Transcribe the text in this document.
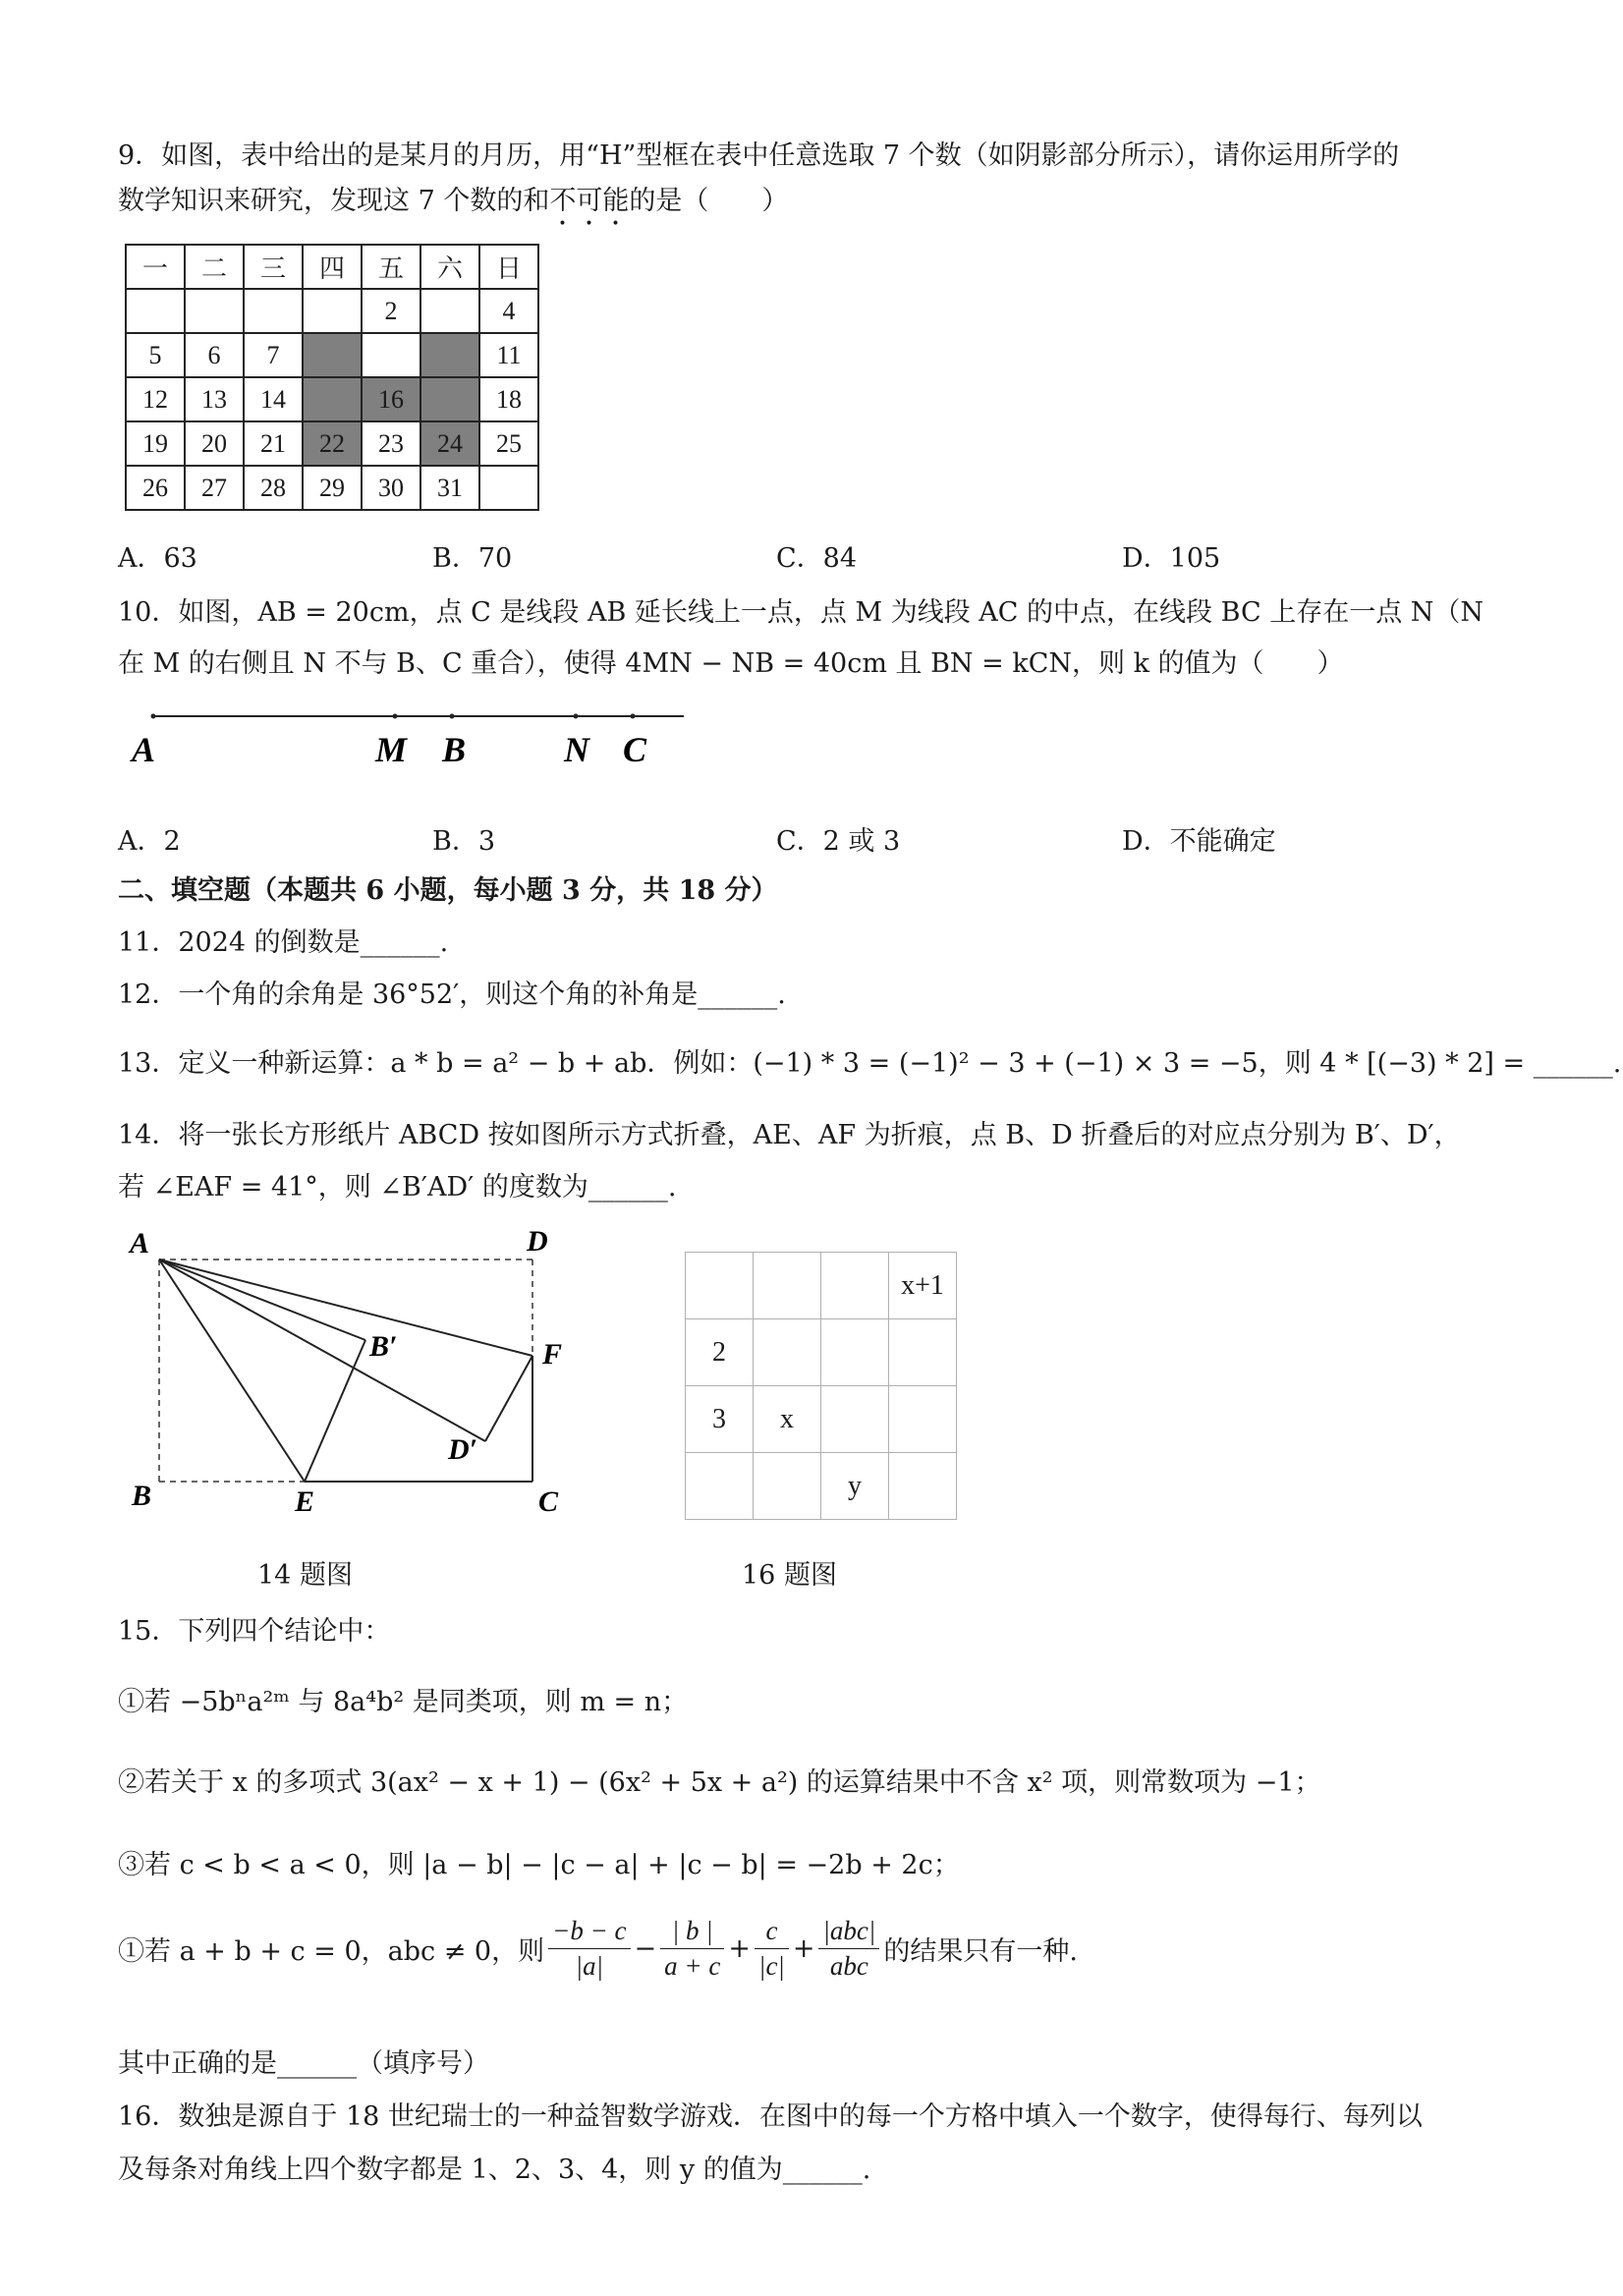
9．如图，表中给出的是某月的月历，用“H”型框在表中任意选取 7 个数（如阴影部分所示），请你运用所学的
数学知识来研究，发现这 7 个数的和不可能的是（　　）
一	二	三	四	五	六	日
				2		4
5	6	7				11
12	13	14		16		18
19	20	21	22	23	24	25
26	27	28	29	30	31	
A．63	B．70	C．84	D．105
10．如图，AB = 20cm，点 C 是线段 AB 延长线上一点，点 M 为线段 AC 的中点，在线段 BC 上存在一点 N（N
在 M 的右侧且 N 不与 B、C 重合），使得 4MN − NB = 40cm 且 BN = kCN，则 k 的值为（　　）
A	M B	N C
A．2	B．3	C．2 或 3	D．不能确定
二、填空题（本题共 6 小题，每小题 3 分，共 18 分）
11．2024 的倒数是______.
12．一个角的余角是 36°52′，则这个角的补角是______.
13．定义一种新运算：a * b = a² − b + ab．例如：(−1) * 3 = (−1)² − 3 + (−1) × 3 = −5，则 4 * [(−3) * 2] = ______.
14．将一张长方形纸片 ABCD 按如图所示方式折叠，AE、AF 为折痕，点 B、D 折叠后的对应点分别为 B′、D′，
若 ∠EAF = 41°，则 ∠B′AD′ 的度数为______.
A	D
B′	F
D′
B	E	C
14 题图
			x+1
2			
3	x		
		y	
16 题图
15．下列四个结论中：
①若 −5bⁿa²ᵐ 与 8a⁴b² 是同类项，则 m = n；
②若关于 x 的多项式 3(ax² − x + 1) − (6x² + 5x + a²) 的运算结果中不含 x² 项，则常数项为 −1；
③若 c < b < a < 0，则 |a − b| − |c − a| + |c − b| = −2b + 2c；
①若 a + b + c = 0，abc ≠ 0，则 $\frac{-b - c}{|a|} - \frac{| b |}{a + c} + \frac{c}{|c|} + \frac{\text{|abc|}}{\text{abc}}$ 的结果只有一种.
其中正确的是______（填序号）
16．数独是源自于 18 世纪瑞士的一种益智数学游戏．在图中的每一个方格中填入一个数字，使得每行、每列以
及每条对角线上四个数字都是 1、2、3、4，则 y 的值为______.
